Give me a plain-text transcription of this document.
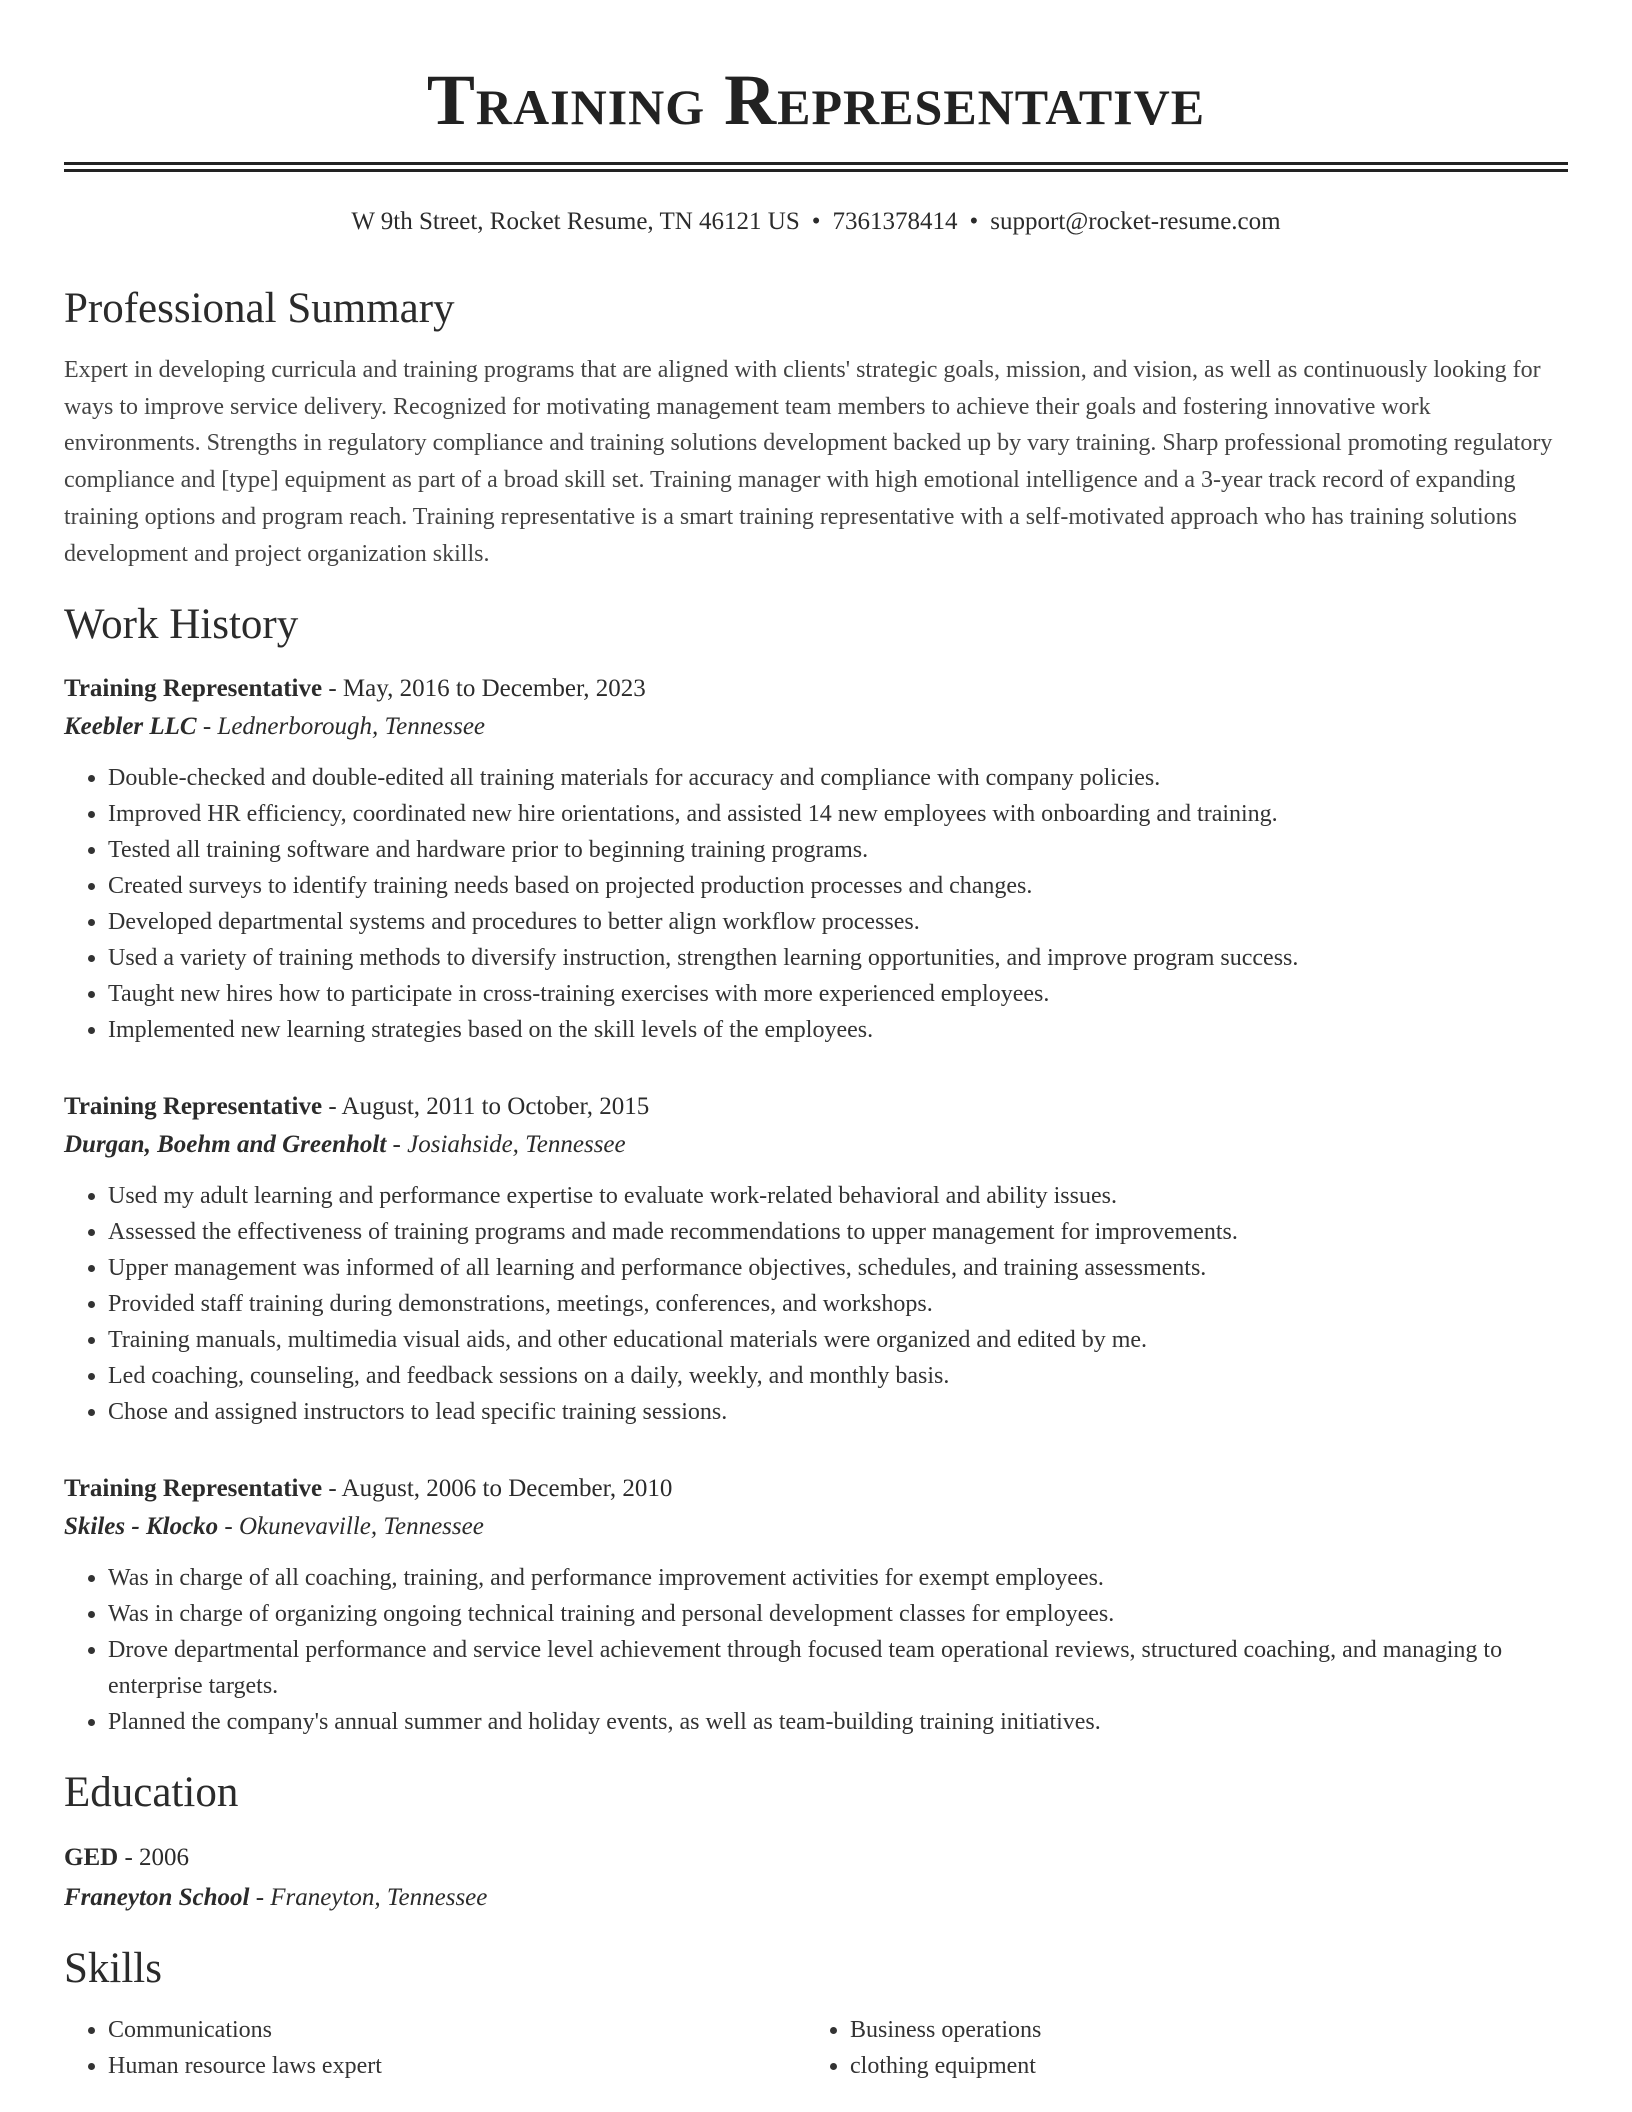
Training Representative
W 9th Street, Rocket Resume, TN 46121 US • 7361378414 • support@rocket-resume.com
Professional Summary

Expert in developing curricula and training programs that are aligned with clients' strategic goals, mission, and vision, as well as continuously looking for ways to improve service delivery. Recognized for motivating management team members to achieve their goals and fostering innovative work environments. Strengths in regulatory compliance and training solutions development backed up by vary training. Sharp professional promoting regulatory compliance and [type] equipment as part of a broad skill set. Training manager with high emotional intelligence and a 3-year track record of expanding training options and program reach. Training representative is a smart training representative with a self-motivated approach who has training solutions development and project organization skills.

Work History
Training Representative - May, 2016 to December, 2023
Keebler LLC - Lednerborough, Tennessee
• Double-checked and double-edited all training materials for accuracy and compliance with company policies.
• Improved HR efficiency, coordinated new hire orientations, and assisted 14 new employees with onboarding and training.
• Tested all training software and hardware prior to beginning training programs.
• Created surveys to identify training needs based on projected production processes and changes.
• Developed departmental systems and procedures to better align workflow processes.
• Used a variety of training methods to diversify instruction, strengthen learning opportunities, and improve program success.
• Taught new hires how to participate in cross-training exercises with more experienced employees.
• Implemented new learning strategies based on the skill levels of the employees.
Training Representative - August, 2011 to October, 2015
Durgan, Boehm and Greenholt - Josiahside, Tennessee
• Used my adult learning and performance expertise to evaluate work-related behavioral and ability issues.
• Assessed the effectiveness of training programs and made recommendations to upper management for improvements.
• Upper management was informed of all learning and performance objectives, schedules, and training assessments.
• Provided staff training during demonstrations, meetings, conferences, and workshops.
• Training manuals, multimedia visual aids, and other educational materials were organized and edited by me.
• Led coaching, counseling, and feedback sessions on a daily, weekly, and monthly basis.
• Chose and assigned instructors to lead specific training sessions.
Training Representative - August, 2006 to December, 2010
Skiles - Klocko - Okunevaville, Tennessee
• Was in charge of all coaching, training, and performance improvement activities for exempt employees.
• Was in charge of organizing ongoing technical training and personal development classes for employees.
• Drove departmental performance and service level achievement through focused team operational reviews, structured coaching, and managing to enterprise targets.
• Planned the company's annual summer and holiday events, as well as team-building training initiatives.
Education
GED - 2006
Franeyton School - Franeyton, Tennessee
Skills
• Communications
• Human resource laws expert
• Business operations
• clothing equipment
